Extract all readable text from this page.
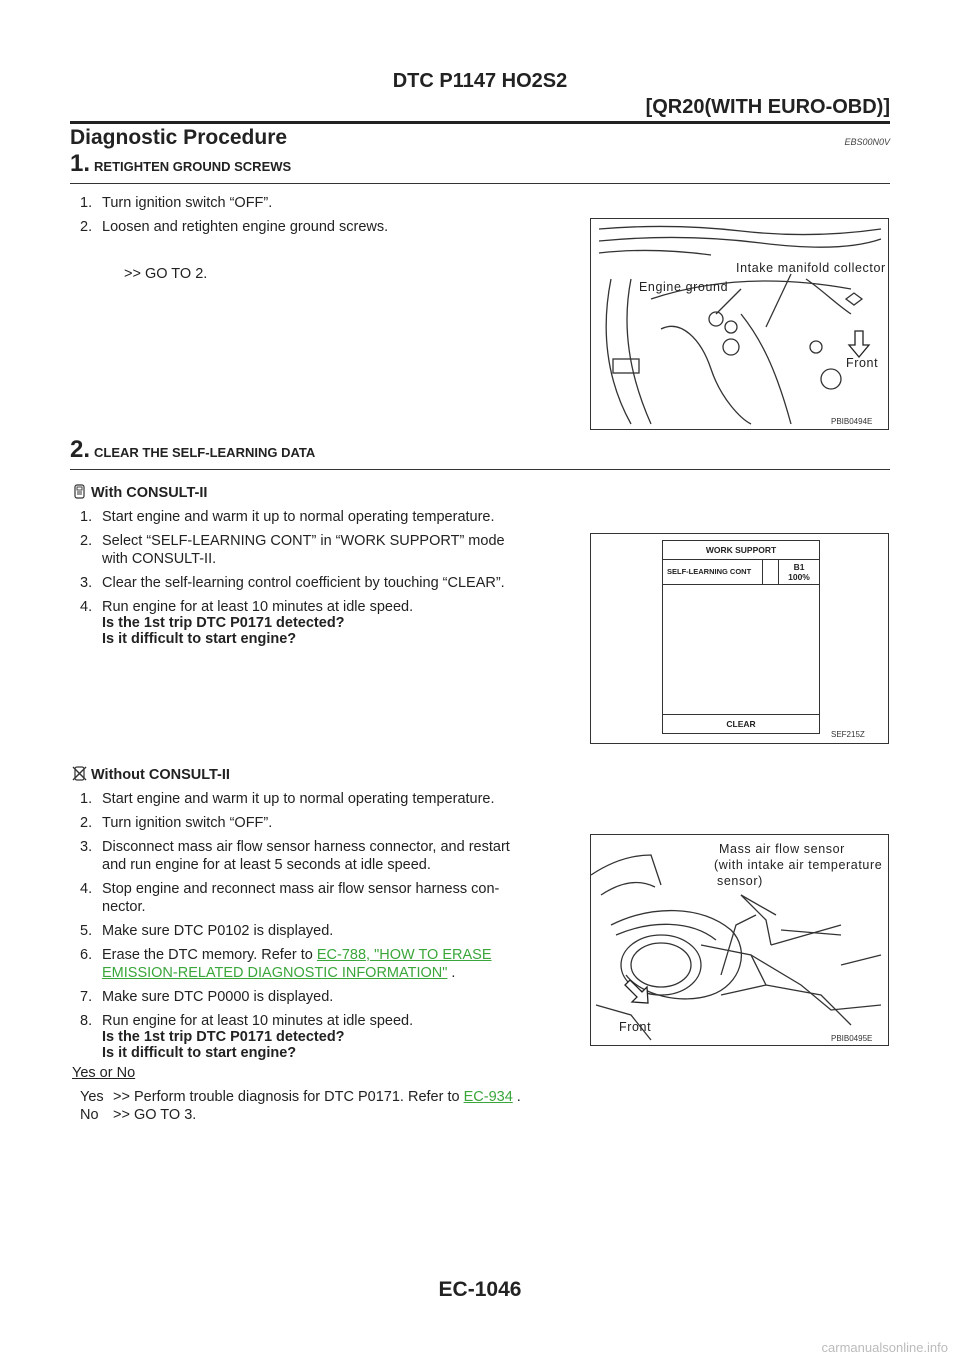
DTC P1147 HO2S2
[QR20(WITH EURO-OBD)]
Diagnostic Procedure	EBS00N0V
1. RETIGHTEN GROUND SCREWS
1. Turn ignition switch “OFF”.
2. Loosen and retighten engine ground screws.
>> GO TO 2.	Intake manifold collector
Engine ground
Front
PBIB0494E
2. CLEAR THE SELF-LEARNING DATA
With CONSULT-II
1. Start engine and warm it up to normal operating temperature.
2. Select “SELF-LEARNING CONT” in “WORK SUPPORT” mode
with CONSULT-II.
3. Clear the self-learning control coefficient by touching “CLEAR”.
4. Run engine for at least 10 minutes at idle speed.
Is the 1st trip DTC P0171 detected?
Is it difficult to start engine?
WORK SUPPORT
SELF-LEARNING CONT	B1
100%
CLEAR
SEF215Z
Without CONSULT-II
1. Start engine and warm it up to normal operating temperature.
2. Turn ignition switch “OFF”.
3. Disconnect mass air flow sensor harness connector, and restart
and run engine for at least 5 seconds at idle speed.
4. Stop engine and reconnect mass air flow sensor harness con-
nector.
5. Make sure DTC P0102 is displayed.
6. Erase the DTC memory. Refer to EC-788, "HOW TO ERASE
EMISSION-RELATED DIAGNOSTIC INFORMATION" .
7. Make sure DTC P0000 is displayed.
8. Run engine for at least 10 minutes at idle speed.
Is the 1st trip DTC P0171 detected?
Is it difficult to start engine?
Mass air flow sensor
(with intake air temperature
sensor)
Front
PBIB0495E
Yes or No
Yes >> Perform trouble diagnosis for DTC P0171. Refer to EC-934 .
No >> GO TO 3.
EC-1046
carmanualsonline.info
